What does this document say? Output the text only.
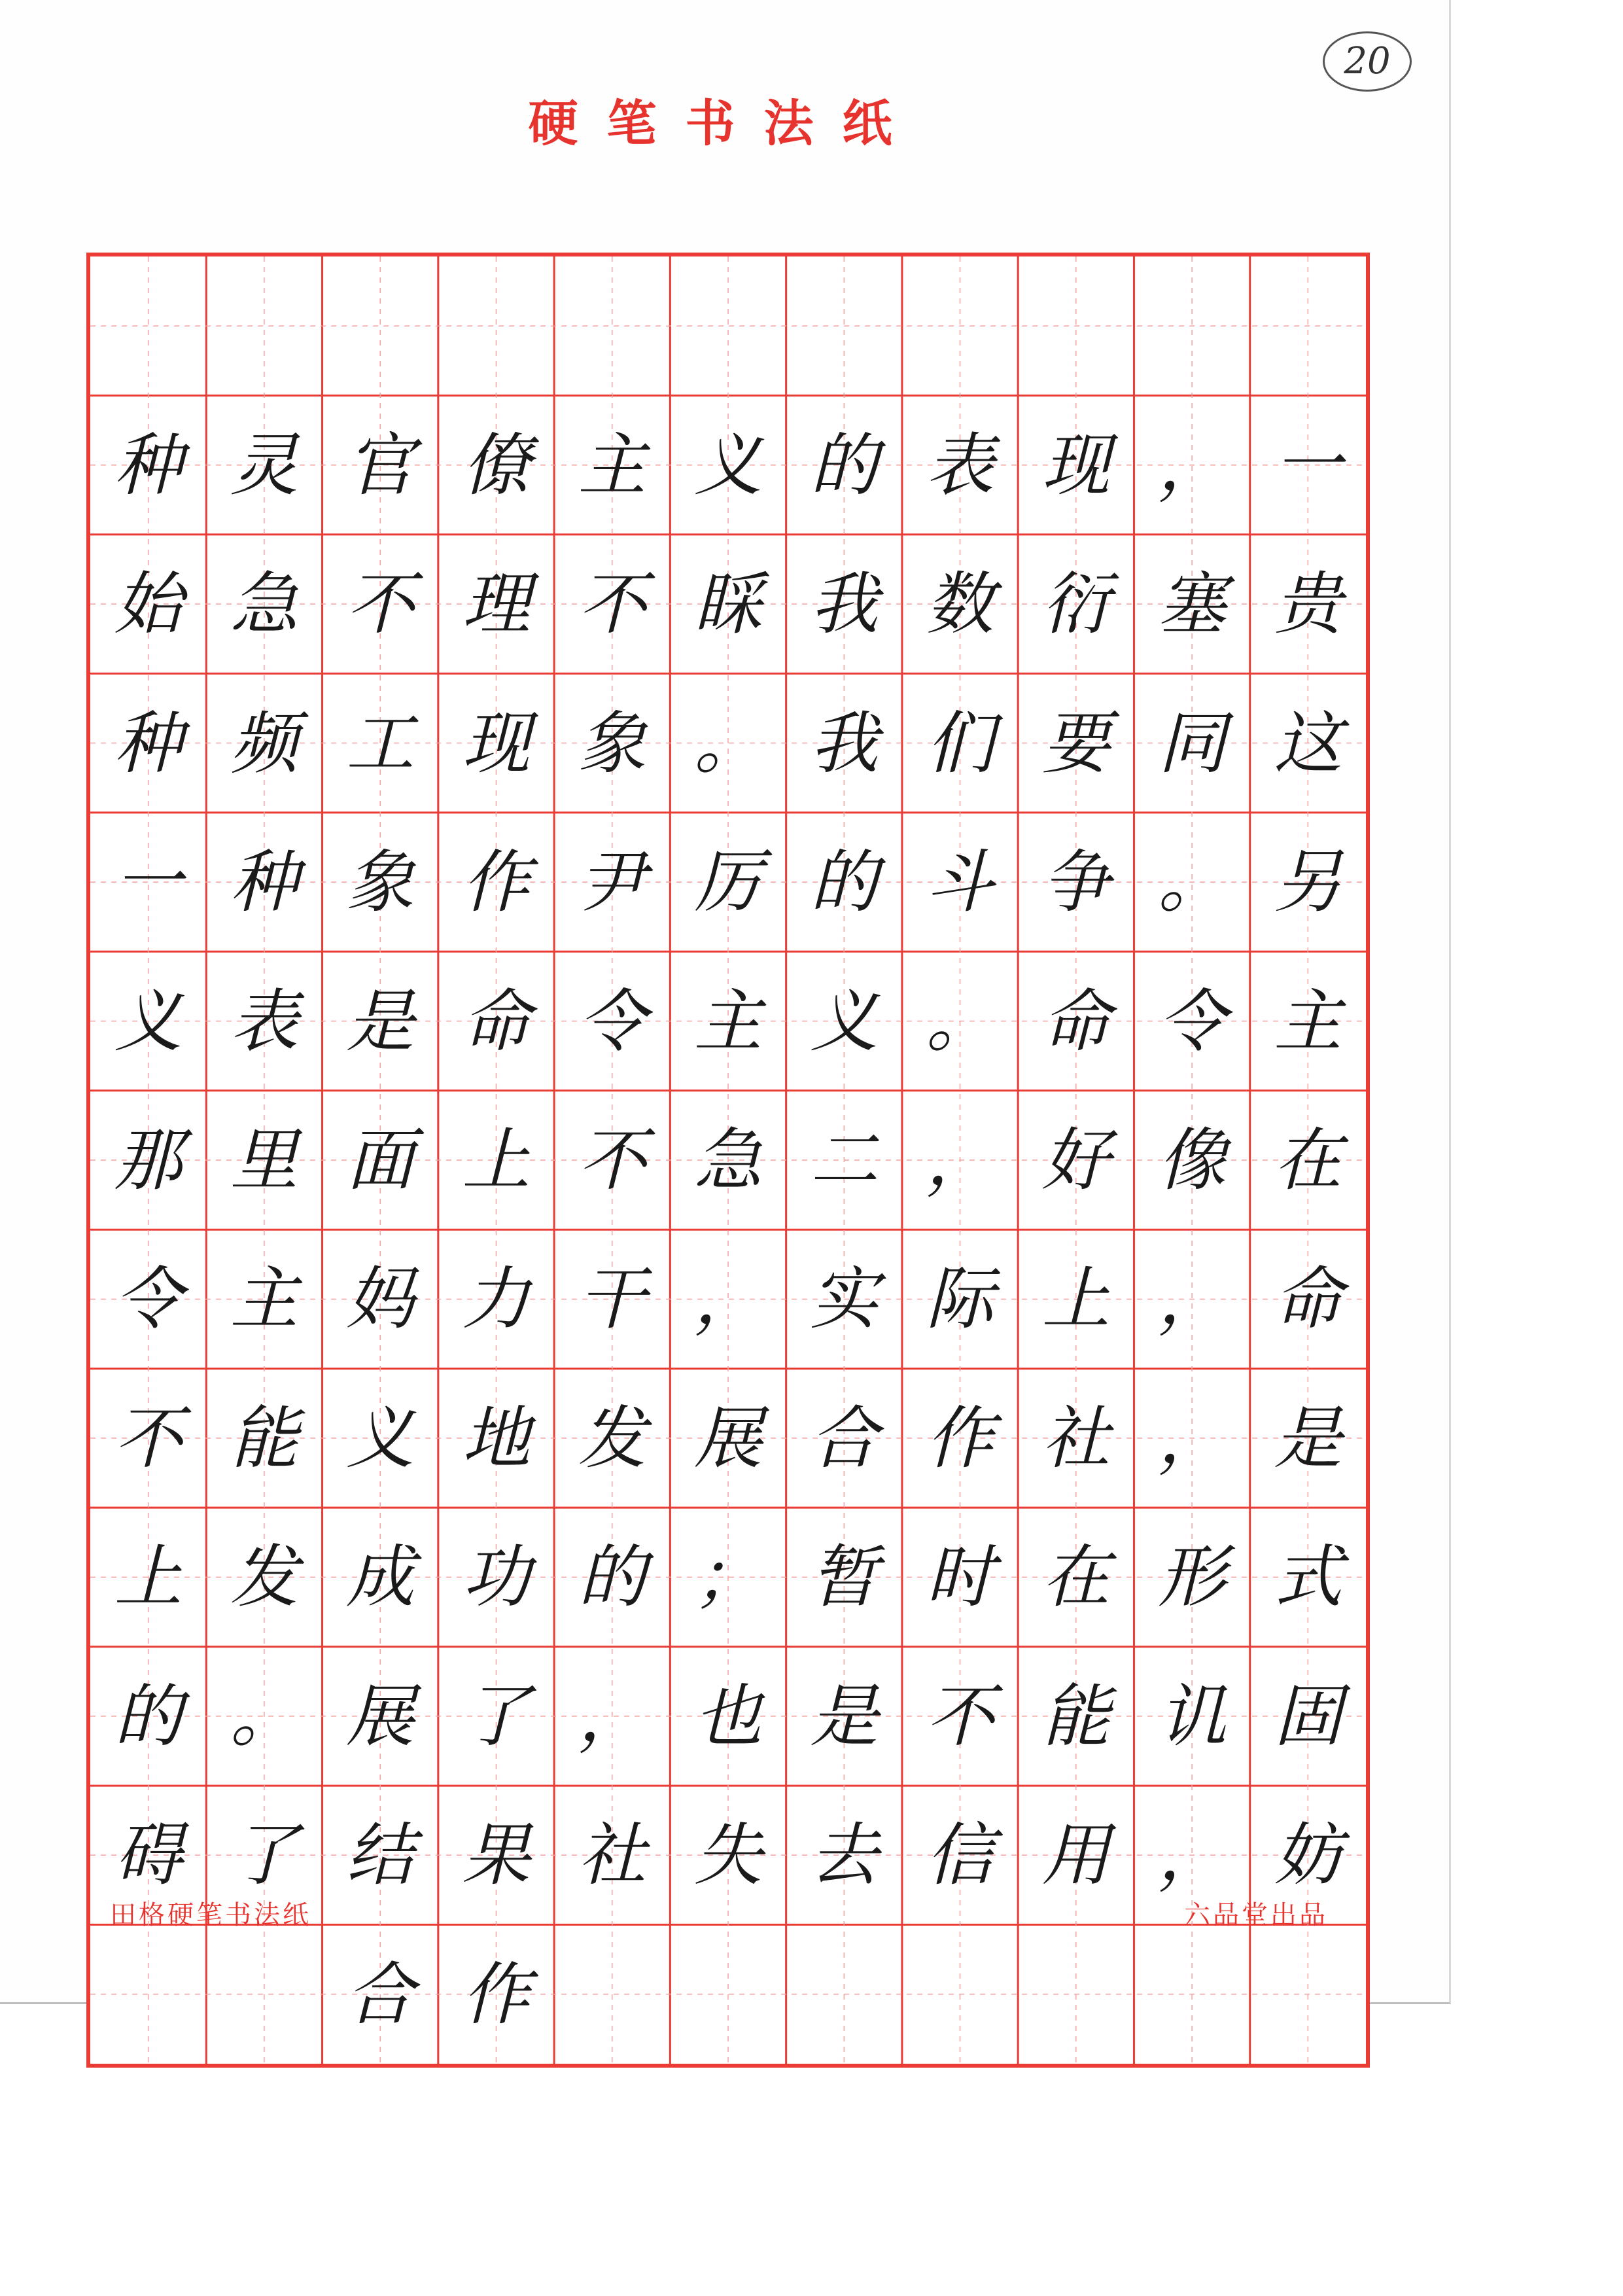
硬笔书法纸
20
一
贵
这
另
主
在
命
是
式
固
妨
，
塞
同
。
令
像
，
，
形
讥
，
现
衍
要
争
命
好
上
社
在
能
用
表
数
们
斗
。
，
际
作
时
不
信
的
我
我
的
义
二
实
合
暂
是
去
义
睬
。
厉
主
急
，
展
；
也
失
主
不
象
尹
令
不
干
发
的
，
社
僚
理
现
作
命
上
力
地
功
了
果
作
官
不
工
象
是
面
妈
义
成
展
结
合
灵
急
频
种
表
里
主
能
发
。
了
种
始
种
一
义
那
令
不
上
的
碍
田格硬笔书法纸	六品堂出品
